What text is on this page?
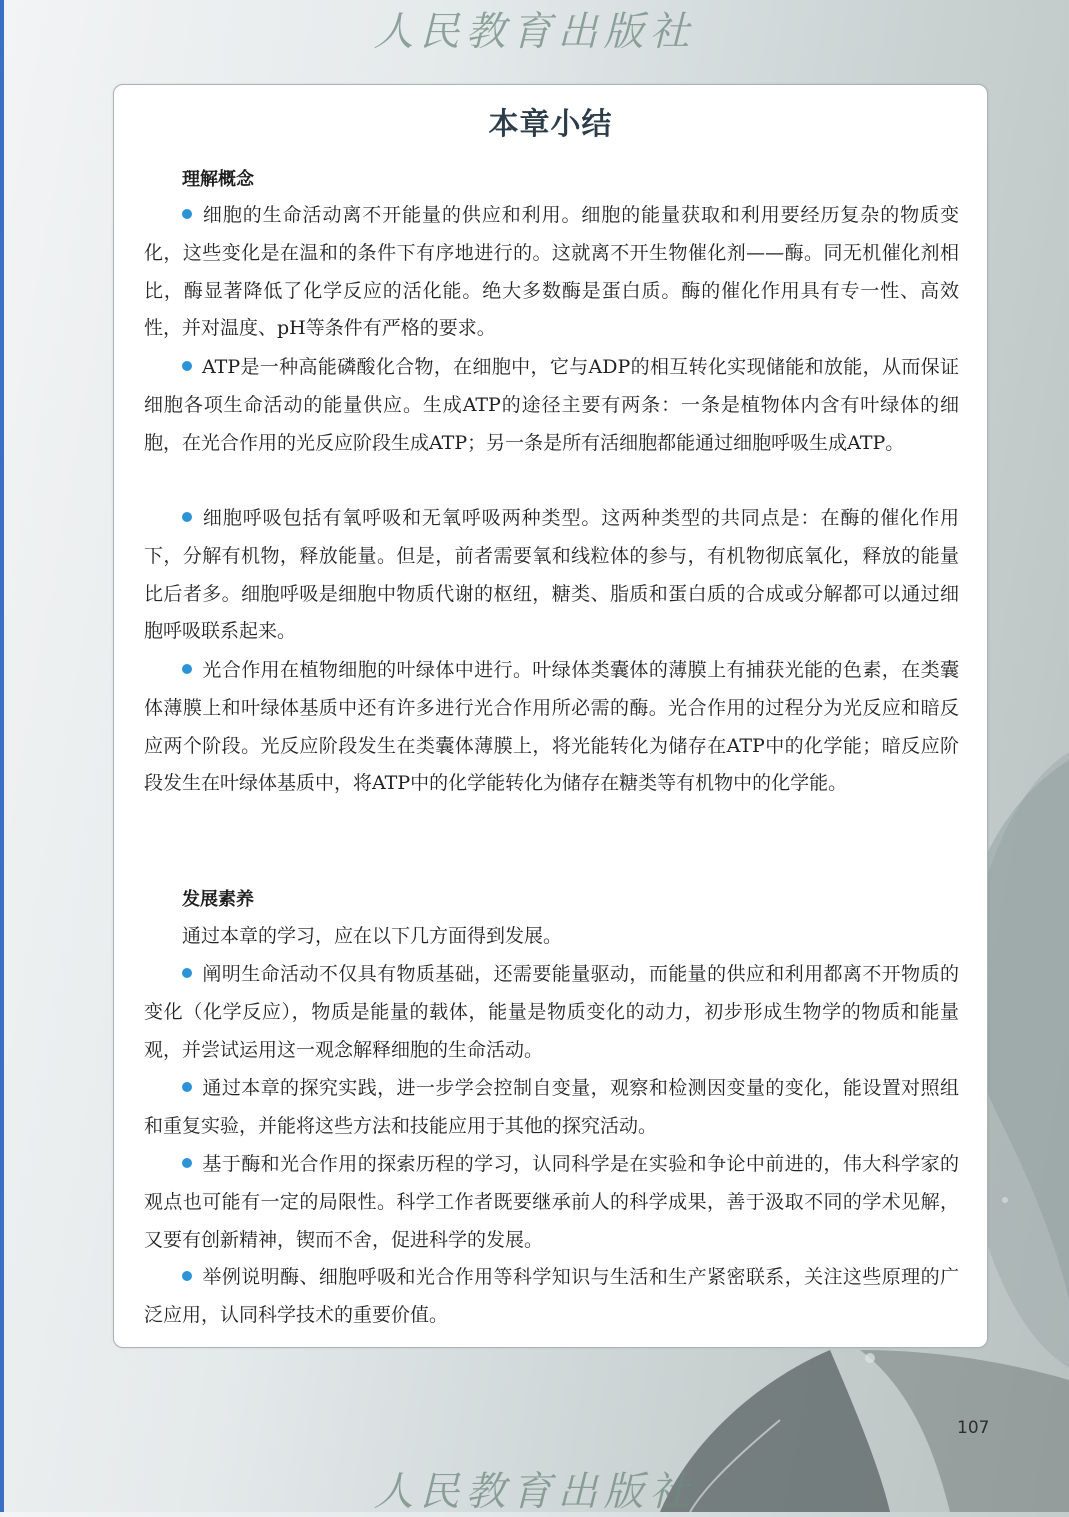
人民教育出版社
本章小结
理解概念

细胞的生命活动离不开能量的供应和利用。细胞的能量获取和利用要经历复杂的物质变化，这些变化是在温和的条件下有序地进行的。这就离不开生物催化剂——酶。同无机催化剂相比，酶显著降低了化学反应的活化能。绝大多数酶是蛋白质。酶的催化作用具有专一性、高效性，并对温度、pH等条件有严格的要求。

ATP是一种高能磷酸化合物，在细胞中，它与ADP的相互转化实现储能和放能，从而保证细胞各项生命活动的能量供应。生成ATP的途径主要有两条：一条是植物体内含有叶绿体的细胞，在光合作用的光反应阶段生成ATP；另一条是所有活细胞都能通过细胞呼吸生成ATP。

细胞呼吸包括有氧呼吸和无氧呼吸两种类型。这两种类型的共同点是：在酶的催化作用下，分解有机物，释放能量。但是，前者需要氧和线粒体的参与，有机物彻底氧化，释放的能量比后者多。细胞呼吸是细胞中物质代谢的枢纽，糖类、脂质和蛋白质的合成或分解都可以通过细胞呼吸联系起来。

光合作用在植物细胞的叶绿体中进行。叶绿体类囊体的薄膜上有捕获光能的色素，在类囊体薄膜上和叶绿体基质中还有许多进行光合作用所必需的酶。光合作用的过程分为光反应和暗反应两个阶段。光反应阶段发生在类囊体薄膜上，将光能转化为储存在ATP中的化学能；暗反应阶段发生在叶绿体基质中，将ATP中的化学能转化为储存在糖类等有机物中的化学能。

发展素养

通过本章的学习，应在以下几方面得到发展。

阐明生命活动不仅具有物质基础，还需要能量驱动，而能量的供应和利用都离不开物质的变化（化学反应），物质是能量的载体，能量是物质变化的动力，初步形成生物学的物质和能量观，并尝试运用这一观念解释细胞的生命活动。

通过本章的探究实践，进一步学会控制自变量，观察和检测因变量的变化，能设置对照组和重复实验，并能将这些方法和技能应用于其他的探究活动。

基于酶和光合作用的探索历程的学习，认同科学是在实验和争论中前进的，伟大科学家的观点也可能有一定的局限性。科学工作者既要继承前人的科学成果，善于汲取不同的学术见解，又要有创新精神，锲而不舍，促进科学的发展。

举例说明酶、细胞呼吸和光合作用等科学知识与生活和生产紧密联系，关注这些原理的广泛应用，认同科学技术的重要价值。

107
人民教育出版社
